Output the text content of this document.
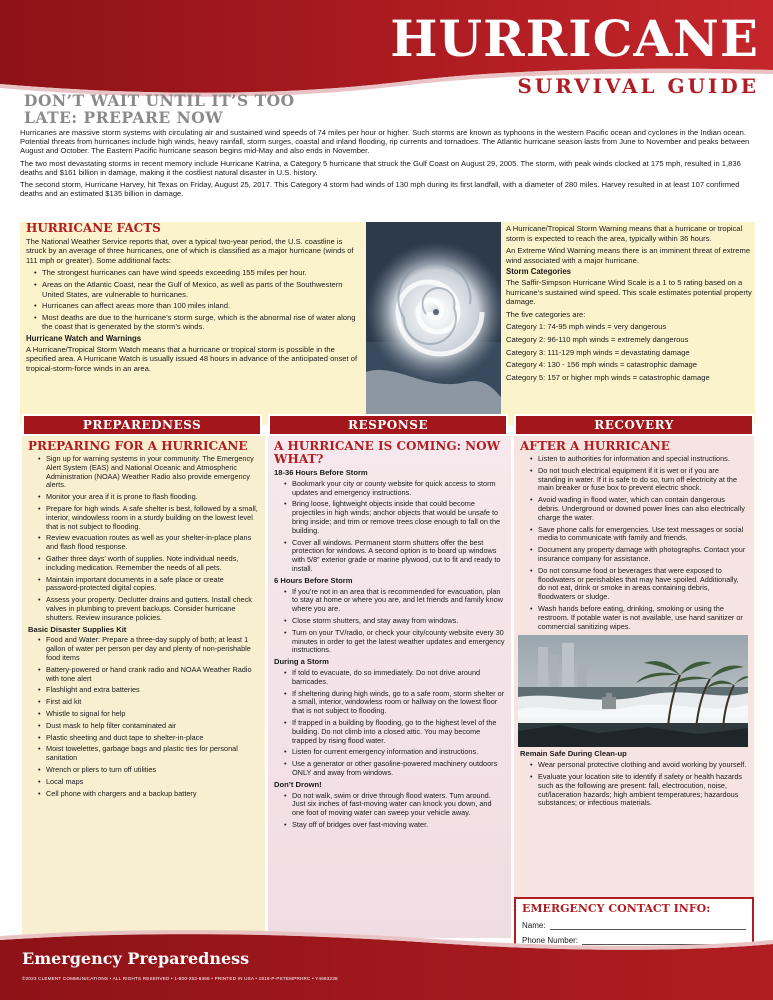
HURRICANE
SURVIVAL GUIDE
DON’T WAIT UNTIL IT’S TOO LATE: PREPARE NOW

Hurricanes are massive storm systems with circulating air and sustained wind speeds of 74 miles per hour or higher. Such storms are known as typhoons in the western Pacific ocean and cyclones in the Indian ocean. Potential threats from hurricanes include high winds, heavy rainfall, storm surges, coastal and inland flooding, rip currents and tornadoes. The Atlantic hurricane season lasts from June to November and peaks between August and October. The Eastern Pacific hurricane season begins mid-May and also ends in November.

The two most devastating storms in recent memory include Hurricane Katrina, a Category 5 hurricane that struck the Gulf Coast on August 29, 2005. The storm, with peak winds clocked at 175 mph, resulted in 1,836 deaths and $161 billion in damage, making it the costliest natural disaster in U.S. history.

The second storm, Hurricane Harvey, hit Texas on Friday, August 25, 2017. This Category 4 storm had winds of 130 mph during its first landfall, with a diameter of 280 miles. Harvey resulted in at least 107 confirmed deaths and an estimated $135 billion in damage.

HURRICANE FACTS

The National Weather Service reports that, over a typical two-year period, the U.S. coastline is struck by an average of three hurricanes, one of which is classified as a major hurricane (winds of 111 mph or greater). Some additional facts:

• The strongest hurricanes can have wind speeds exceeding 155 miles per hour.
• Areas on the Atlantic Coast, near the Gulf of Mexico, as well as parts of the Southwestern United States, are vulnerable to hurricanes.
• Hurricanes can affect areas more than 100 miles inland.
• Most deaths are due to the hurricane’s storm surge, which is the abnormal rise of water along the coast that is generated by the storm’s winds.
Hurricane Watch and Warnings

A Hurricane/Tropical Storm Watch means that a hurricane or tropical storm is possible in the specified area. A Hurricane Watch is usually issued 48 hours in advance of the anticipated onset of tropical-storm-force winds in an area.

A Hurricane/Tropical Storm Warning means that a hurricane or tropical storm is expected to reach the area, typically within 36 hours.

An Extreme Wind Warning means there is an imminent threat of extreme wind associated with a major hurricane.

Storm Categories

The Saffir-Simpson Hurricane Wind Scale is a 1 to 5 rating based on a hurricane’s sustained wind speed. This scale estimates potential property damage.

The five categories are:

Category 1: 74-95 mph winds = very dangerous

Category 2: 96-110 mph winds = extremely dangerous

Category 3: 111-129 mph winds = devastating damage

Category 4: 130 - 156 mph winds = catastrophic damage

Category 5: 157 or higher mph winds = catastrophic damage

PREPAREDNESS	RESPONSE	RECOVERY
PREPARING FOR A HURRICANE
• Sign up for warning systems in your community. The Emergency Alert System (EAS) and National Oceanic and Atmospheric Administration (NOAA) Weather Radio also provide emergency alerts.
• Monitor your area if it is prone to flash flooding.
• Prepare for high winds. A safe shelter is best, followed by a small, interior, windowless room in a sturdy building on the lowest level that is not subject to flooding.
• Review evacuation routes as well as your shelter-in-place plans and flash flood response.
• Gather three days’ worth of supplies. Note individual needs, including medication. Remember the needs of all pets.
• Maintain important documents in a safe place or create password-protected digital copies.
• Assess your property. Declutter drains and gutters. Install check valves in plumbing to prevent backups. Consider hurricane shutters. Review insurance policies.
Basic Disaster Supplies Kit
• Food and Water: Prepare a three-day supply of both; at least 1 gallon of water per person per day and plenty of non-perishable food items
• Battery-powered or hand crank radio and NOAA Weather Radio with tone alert
• Flashlight and extra batteries
• First aid kit
• Whistle to signal for help
• Dust mask to help filter contaminated air
• Plastic sheeting and duct tape to shelter-in-place
• Moist towelettes, garbage bags and plastic ties for personal sanitation
• Wrench or pliers to turn off utilities
• Local maps
• Cell phone with chargers and a backup battery
A HURRICANE IS COMING: NOW WHAT?
18-36 Hours Before Storm
• Bookmark your city or county website for quick access to storm updates and emergency instructions.
• Bring loose, lightweight objects inside that could become projectiles in high winds; anchor objects that would be unsafe to bring inside; and trim or remove trees close enough to fall on the building.
• Cover all windows. Permanent storm shutters offer the best protection for windows. A second option is to board up windows with 5/8” exterior grade or marine plywood, cut to fit and ready to install.
6 Hours Before Storm
• If you’re not in an area that is recommended for evacuation, plan to stay at home or where you are, and let friends and family know where you are.
• Close storm shutters, and stay away from windows.
• Turn on your TV/radio, or check your city/county website every 30 minutes in order to get the latest weather updates and emergency instructions.
During a Storm
• If told to evacuate, do so immediately. Do not drive around barricades.
• If sheltering during high winds, go to a safe room, storm shelter or a small, interior, windowless room or hallway on the lowest floor that is not subject to flooding.
• If trapped in a building by flooding, go to the highest level of the building. Do not climb into a closed attic. You may become trapped by rising flood water.
• Listen for current emergency information and instructions.
• Use a generator or other gasoline-powered machinery outdoors ONLY and away from windows.
Don’t Drown!
• Do not walk, swim or drive through flood waters. Turn around. Just six inches of fast-moving water can knock you down, and one foot of moving water can sweep your vehicle away.
• Stay off of bridges over fast-moving water.
AFTER A HURRICANE
• Listen to authorities for information and special instructions.
• Do not touch electrical equipment if it is wet or if you are standing in water. If it is safe to do so, turn off electricity at the main breaker or fuse box to prevent electric shock.
• Avoid wading in flood water, which can contain dangerous debris. Underground or downed power lines can also electrically charge the water.
• Save phone calls for emergencies. Use text messages or social media to communicate with family and friends.
• Document any property damage with photographs. Contact your insurance company for assistance.
• Do not consume food or beverages that were exposed to floodwaters or perishables that may have spoiled. Additionally, do not eat, drink or smoke in areas containing debris, floodwaters or sludge.
• Wash hands before eating, drinking, smoking or using the restroom. If potable water is not available, use hand sanitizer or commercial sanitizing wipes.
Remain Safe During Clean-up
• Wear personal protective clothing and avoid working by yourself.
• Evaluate your location site to identify if safety or health hazards such as the following are present: fall, electrocution, noise, cut/laceration hazards; high ambient temperatures; hazardous substances; or infectious materials.
EMERGENCY CONTACT INFO:
Name:
Phone Number:
Emergency Preparedness
©2023 CLEMENT COMMUNICATIONS • ALL RIGHTS RESERVED • 1-800-253-6368 • PRINTED IN USA • 1916-P-PSTEMPRHRC • Y4683238
